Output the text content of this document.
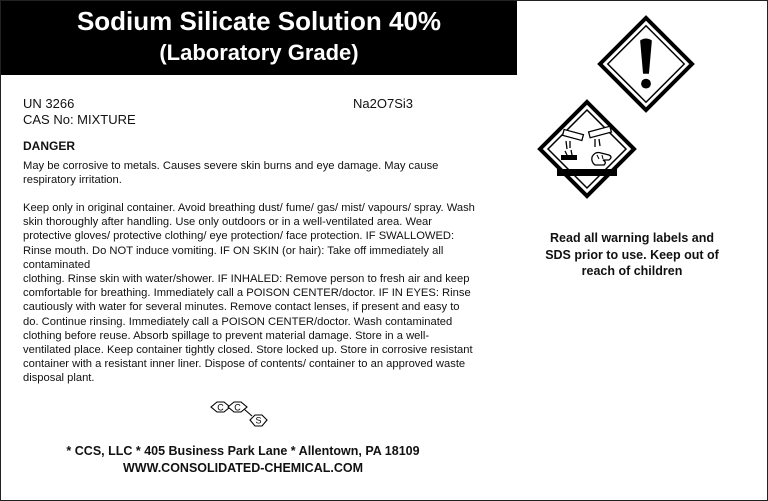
Sodium Silicate Solution 40%
(Laboratory Grade)
UN 3266
CAS No: MIXTURE
Na2O7Si3
DANGER
May be corrosive to metals. Causes severe skin burns and eye damage. May cause respiratory irritation.
Keep only in original container. Avoid breathing dust/ fume/ gas/ mist/ vapours/ spray. Wash skin thoroughly after handling. Use only outdoors or in a well-ventilated area. Wear protective gloves/ protective clothing/ eye protection/ face protection. IF SWALLOWED: Rinse mouth. Do NOT induce vomiting. IF ON SKIN (or hair): Take off immediately all contaminated
clothing. Rinse skin with water/shower. IF INHALED: Remove person to fresh air and keep comfortable for breathing. Immediately call a POISON CENTER/doctor. IF IN EYES: Rinse cautiously with water for several minutes. Remove contact lenses, if present and easy to do. Continue rinsing. Immediately call a POISON CENTER/doctor. Wash contaminated clothing before reuse. Absorb spillage to prevent material damage. Store in a well-ventilated place. Keep container tightly closed. Store locked up. Store in corrosive resistant container with a resistant inner liner. Dispose of contents/ container to an approved waste disposal plant.
Read all warning labels and SDS prior to use. Keep out of reach of children
C C
S
* CCS, LLC * 405 Business Park Lane * Allentown, PA 18109
WWW.CONSOLIDATED-CHEMICAL.COM
